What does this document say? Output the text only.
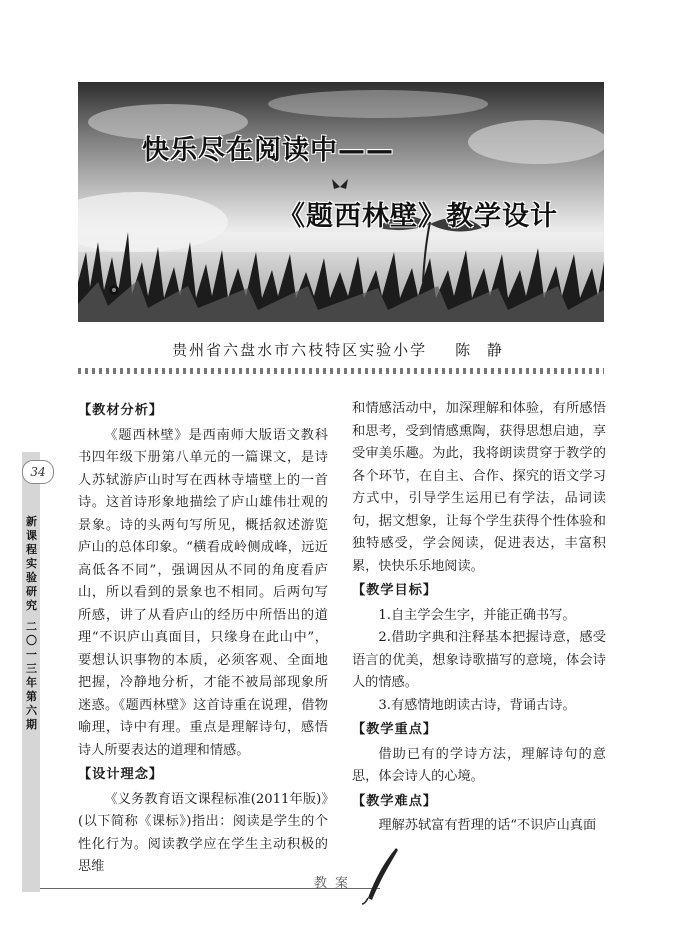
快乐尽在阅读中——
《题西林壁》教学设计
贵州省六盘水市六枝特区实验小学 陈 静
34
新课程实验研究
二〇一三年 第六期

【教材分析】

《题西林壁》是西南师大版语文教科书四年级下册第八单元的一篇课文，是诗人苏轼游庐山时写在西林寺墙壁上的一首诗。这首诗形象地描绘了庐山雄伟壮观的景象。诗的头两句写所见，概括叙述游览庐山的总体印象。“横看成岭侧成峰，远近高低各不同”，强调因从不同的角度看庐山，所以看到的景象也不相同。后两句写所感，讲了从看庐山的经历中所悟出的道理“不识庐山真面目，只缘身在此山中”，要想认识事物的本质，必须客观、全面地把握，冷静地分析，才能不被局部现象所迷惑。《题西林壁》这首诗重在说理，借物喻理，诗中有理。重点是理解诗句，感悟诗人所要表达的道理和情感。

【设计理念】

《义务教育语文课程标准(2011年版)》(以下简称《课标》)指出：阅读是学生的个性化行为。阅读教学应在学生主动积极的思维

和情感活动中，加深理解和体验，有所感悟和思考，受到情感熏陶，获得思想启迪，享受审美乐趣。为此，我将朗读贯穿于教学的各个环节，在自主、合作、探究的语文学习方式中，引导学生运用已有学法，品词读句，据文想象，让每个学生获得个性体验和独特感受，学会阅读，促进表达，丰富积累，快快乐乐地阅读。

【教学目标】

1.自主学会生字，并能正确书写。

2.借助字典和注释基本把握诗意，感受语言的优美，想象诗歌描写的意境，体会诗人的情感。

3.有感情地朗读古诗，背诵古诗。

【教学重点】

借助已有的学诗方法，理解诗句的意思，体会诗人的心境。

【教学难点】

理解苏轼富有哲理的话“不识庐山真面

教案
